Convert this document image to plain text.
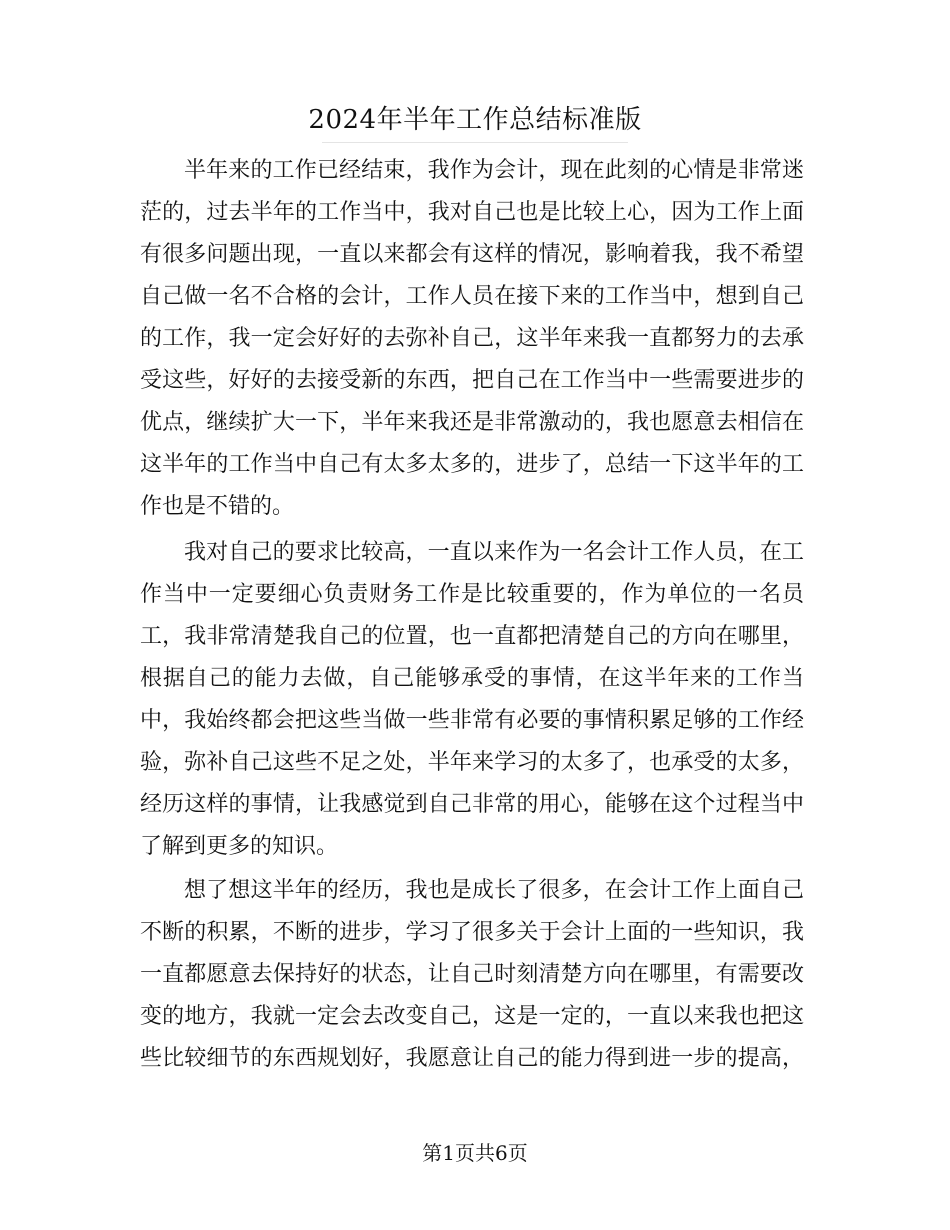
2024年半年工作总结标准版
半年来的工作已经结束，我作为会计，现在此刻的心情是非常迷
茫的，过去半年的工作当中，我对自己也是比较上心，因为工作上面
有很多问题出现，一直以来都会有这样的情况，影响着我，我不希望
自己做一名不合格的会计，工作人员在接下来的工作当中，想到自己
的工作，我一定会好好的去弥补自己，这半年来我一直都努力的去承
受这些，好好的去接受新的东西，把自己在工作当中一些需要进步的
优点，继续扩大一下，半年来我还是非常激动的，我也愿意去相信在
这半年的工作当中自己有太多太多的，进步了，总结一下这半年的工
作也是不错的。
我对自己的要求比较高，一直以来作为一名会计工作人员，在工
作当中一定要细心负责财务工作是比较重要的，作为单位的一名员
工，我非常清楚我自己的位置，也一直都把清楚自己的方向在哪里，
根据自己的能力去做，自己能够承受的事情，在这半年来的工作当
中，我始终都会把这些当做一些非常有必要的事情积累足够的工作经
验，弥补自己这些不足之处，半年来学习的太多了，也承受的太多，
经历这样的事情，让我感觉到自己非常的用心，能够在这个过程当中
了解到更多的知识。
想了想这半年的经历，我也是成长了很多，在会计工作上面自己
不断的积累，不断的进步，学习了很多关于会计上面的一些知识，我
一直都愿意去保持好的状态，让自己时刻清楚方向在哪里，有需要改
变的地方，我就一定会去改变自己，这是一定的，一直以来我也把这
些比较细节的东西规划好，我愿意让自己的能力得到进一步的提高，
第1页共6页
